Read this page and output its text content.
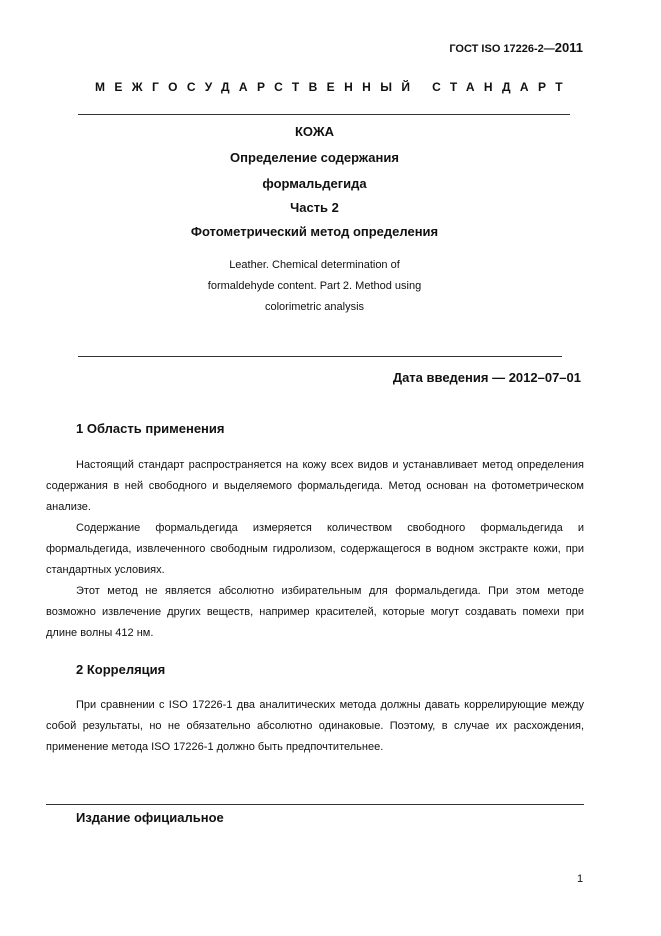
ГОСТ ISO 17226-2—2011
МЕЖГОСУДАРСТВЕННЫЙ СТАНДАРТ
КОЖА
Определение содержания
формальдегида
Часть 2
Фотометрический метод определения
Leather. Chemical determination of
formaldehyde content. Part 2. Method using
colorimetric analysis
Дата введения — 2012–07–01
1 Область применения

Настоящий стандарт распространяется на кожу всех видов и устанавливает метод определения содержания в ней свободного и выделяемого формальдегида. Метод основан на фотометрическом анализе.

Содержание формальдегида измеряется количеством свободного формальдегида и формальдегида, извлеченного свободным гидролизом, содержащегося в водном экстракте кожи, при стандартных условиях.

Этот метод не является абсолютно избирательным для формальдегида. При этом методе возможно извлечение других веществ, например красителей, которые могут создавать помехи при длине волны 412 нм.

2 Корреляция

При сравнении с ISO 17226-1 два аналитических метода должны давать коррелирующие между собой результаты, но не обязательно абсолютно одинаковые. Поэтому, в случае их расхождения, применение метода ISO 17226-1 должно быть предпочтительнее.

Издание официальное
1
